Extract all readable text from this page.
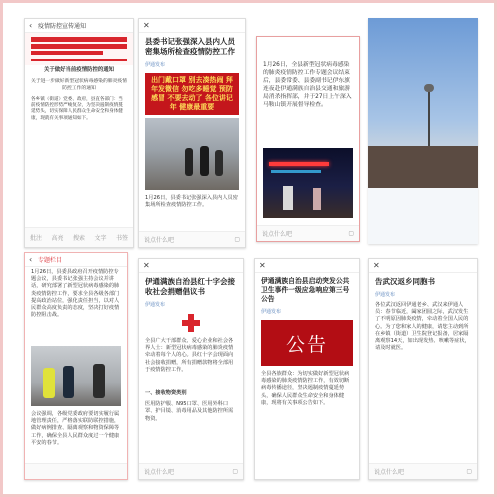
‹ 疫情防控宣传通知
关于做好当前疫情防控的通知
关于进一步做好新型冠状病毒感染的肺炎疫情防控工作的通知
各乡镇（街道）党委、政府，县直各部门：当前疫情防控形势严峻复杂，为坚决遏制疫情蔓延势头，切实保障人民群众生命安全和身体健康，现就有关事项通知如下。
批注 高亮 搜索 文字 书签
✕
县委书记张强深入县内人员密集场所检查疫情防控工作
伊通发布
出门戴口罩 别去凑热闹 拜年发微信 勿吃多睡觉 预防感冒 不要去动了 各位讲记年 健康最重要
1月26日，县委书记张强深入县内人员密集场所检查疫情防控工作。
说点什么吧	▢
1月26日，全县新型冠状病毒感染的肺炎疫情防控工作专题会议结束后，县委常委、县委副书记伊东旗连夜赴伊通满族自治县交通和旅游局消杀指挥部，并于27日上午深入马鞍山镇开展督导检查。
说点什么吧	▢
‹ 专题栏目
1月26日，县委县政府召开疫情防控专题会议，县委书记张强主持会议并讲话，研究部署了新型冠状病毒感染的肺炎疫情防控工作，要求全县各级各部门提高政治站位，强化责任担当，以对人民群众高度负责的态度，坚决打好疫情防控阻击战。
会议强调，各级党委政府要切实履行属地管理责任，严格落实联防联控措施，做好病例排查、隔离观察和物资保障等工作，确保全县人民群众度过一个健康平安的春节。
✕
伊通满族自治县红十字会接收社会捐赠倡议书
伊通发布
全县广大干部群众、爱心企业和社会各界人士：新型冠状病毒感染的肺炎疫情牵动着每个人的心。县红十字会现面向社会接收捐赠，所有捐赠款物将全部用于疫情防控工作。
一、接收物资类别
医用防护服、N95口罩、医用外科口罩、护目镜、消毒用品及其他防控所需物资。
说点什么吧	▢
✕
伊通满族自治县启动突发公共卫生事件一级应急响应第三号公告
伊通发布
公告
全县各族群众：为切实做好新型冠状病毒感染的肺炎疫情防控工作，有效切断病毒传播途径，坚决遏制疫情蔓延势头，确保人民群众生命安全和身体健康，现将有关事项公告如下。
✕
告武汉返乡同胞书
伊通发布
各位武汉返回伊通老乡、武汉来伊通人员：春节临近，阖家团圆之际，武汉发生了不明原因肺炎疫情，牵动着全国人民的心。为了您和家人的健康，请您主动到所在乡镇（街道）卫生院登记报备，居家隔离观察14天，如出现发热、咳嗽等症状，请及时就医。
说点什么吧	▢
